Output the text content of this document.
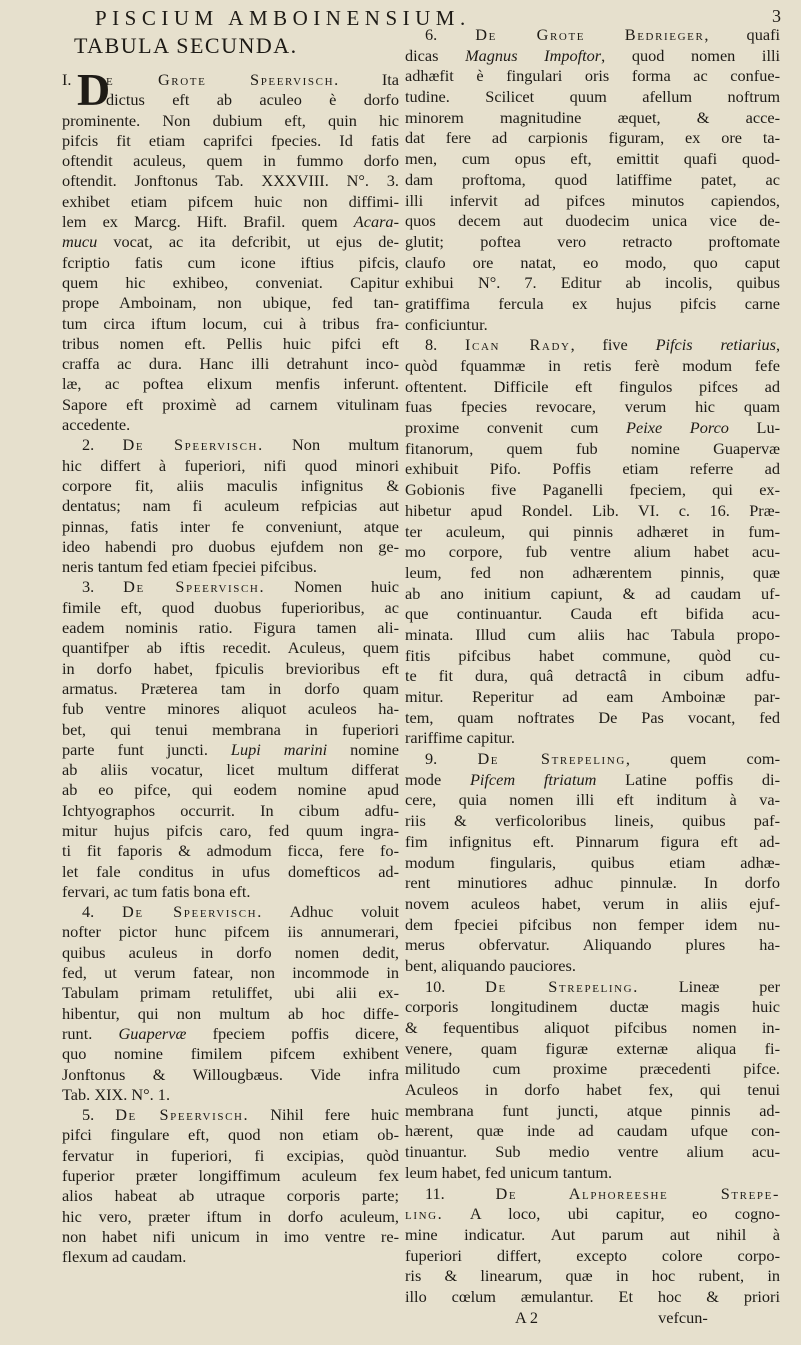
PISCIUM AMBOINENSIUM.	3
TABULA SECUNDA.
I. D
e Grote Speervisch. Ita
dictus eft ab aculeo è dorfo
prominente. Non dubium eft, quin hic
pifcis fit etiam caprifci fpecies. Id fatis
oftendit aculeus, quem in fummo dorfo
oftendit. Jonftonus Tab. XXXVIII. N°. 3.
exhibet etiam pifcem huic non diffimi-
lem ex Marcg. Hift. Brafil. quem Acara-
mucu vocat, ac ita defcribit, ut ejus de-
fcriptio fatis cum icone iftius pifcis,
quem hic exhibeo, conveniat. Capitur
prope Amboinam, non ubique, fed tan-
tum circa iftum locum, cui à tribus fra-
tribus nomen eft. Pellis huic pifci eft
craffa ac dura. Hanc illi detrahunt inco-
læ, ac poftea elixum menfis inferunt.
Sapore eft proximè ad carnem vitulinam
accedente.
2. De Speervisch. Non multum
hic differt à fuperiori, nifi quod minori
corpore fit, aliis maculis infignitus &
dentatus; nam fi aculeum refpicias aut
pinnas, fatis inter fe conveniunt, atque
ideo habendi pro duobus ejufdem non ge-
neris tantum fed etiam fpeciei pifcibus.
3. De Speervisch. Nomen huic
fimile eft, quod duobus fuperioribus, ac
eadem nominis ratio. Figura tamen ali-
quantifper ab iftis recedit. Aculeus, quem
in dorfo habet, fpiculis brevioribus eft
armatus. Præterea tam in dorfo quam
fub ventre minores aliquot aculeos ha-
bet, qui tenui membrana in fuperiori
parte funt juncti. Lupi marini nomine
ab aliis vocatur, licet multum differat
ab eo pifce, qui eodem nomine apud
Ichtyographos occurrit. In cibum adfu-
mitur hujus pifcis caro, fed quum ingra-
ti fit faporis & admodum ficca, fere fo-
let fale conditus in ufus domefticos ad-
fervari, ac tum fatis bona eft.
4. De Speervisch. Adhuc voluit
nofter pictor hunc pifcem iis annumerari,
quibus aculeus in dorfo nomen dedit,
fed, ut verum fatear, non incommode in
Tabulam primam retuliffet, ubi alii ex-
hibentur, qui non multum ab hoc diffe-
runt. Guapervæ fpeciem poffis dicere,
quo nomine fimilem pifcem exhibent
Jonftonus & Willougbæus. Vide infra
Tab. XIX. N°. 1.
5. De Speervisch. Nihil fere huic
pifci fingulare eft, quod non etiam ob-
fervatur in fuperiori, fi excipias, quòd
fuperior præter longiffimum aculeum fex
alios habeat ab utraque corporis parte;
hic vero, præter iftum in dorfo aculeum,
non habet nifi unicum in imo ventre re-
flexum ad caudam.
6. De Grote Bedrieger, quafi
dicas Magnus Impoftor, quod nomen illi
adhæfit è fingulari oris forma ac confue-
tudine. Scilicet quum afellum noftrum
minorem magnitudine æquet, & acce-
dat fere ad carpionis figuram, ex ore ta-
men, cum opus eft, emittit quafi quod-
dam proftoma, quod latiffime patet, ac
illi infervit ad pifces minutos capiendos,
quos decem aut duodecim unica vice de-
glutit; poftea vero retracto proftomate
claufo ore natat, eo modo, quo caput
exhibui N°. 7. Editur ab incolis, quibus
gratiffima fercula ex hujus pifcis carne
conficiuntur.
8. Ican Rady, five Pifcis retiarius,
quòd fquammæ in retis ferè modum fefe
oftentent. Difficile eft fingulos pifces ad
fuas fpecies revocare, verum hic quam
proxime convenit cum Peixe Porco Lu-
fitanorum, quem fub nomine Guapervæ
exhibuit Pifo. Poffis etiam referre ad
Gobionis five Paganelli fpeciem, qui ex-
hibetur apud Rondel. Lib. VI. c. 16. Præ-
ter aculeum, qui pinnis adhæret in fum-
mo corpore, fub ventre alium habet acu-
leum, fed non adhærentem pinnis, quæ
ab ano initium capiunt, & ad caudam uf-
que continuantur. Cauda eft bifida acu-
minata. Illud cum aliis hac Tabula propo-
fitis pifcibus habet commune, quòd cu-
te fit dura, quâ detractâ in cibum adfu-
mitur. Reperitur ad eam Amboinæ par-
tem, quam noftrates De Pas vocant, fed
rariffime capitur.
9. De Strepeling, quem com-
mode Pifcem ftriatum Latine poffis di-
cere, quia nomen illi eft inditum à va-
riis & verficoloribus lineis, quibus paf-
fim infignitus eft. Pinnarum figura eft ad-
modum fingularis, quibus etiam adhæ-
rent minutiores adhuc pinnulæ. In dorfo
novem aculeos habet, verum in aliis ejuf-
dem fpeciei pifcibus non femper idem nu-
merus obfervatur. Aliquando plures ha-
bent, aliquando pauciores.
10. De Strepeling. Lineæ per
corporis longitudinem ductæ magis huic
& fequentibus aliquot pifcibus nomen in-
venere, quam figuræ externæ aliqua fi-
militudo cum proxime præcedenti pifce.
Aculeos in dorfo habet fex, qui tenui
membrana funt juncti, atque pinnis ad-
hærent, quæ inde ad caudam ufque con-
tinuantur. Sub medio ventre alium acu-
leum habet, fed unicum tantum.
11. De Alphoreeshe Strepe-
ling. A loco, ubi capitur, eo cogno-
mine indicatur. Aut parum aut nihil à
fuperiori differt, excepto colore corpo-
ris & linearum, quæ in hoc rubent, in
illo cœlum æmulantur. Et hoc & priori
A 2	vefcun-
